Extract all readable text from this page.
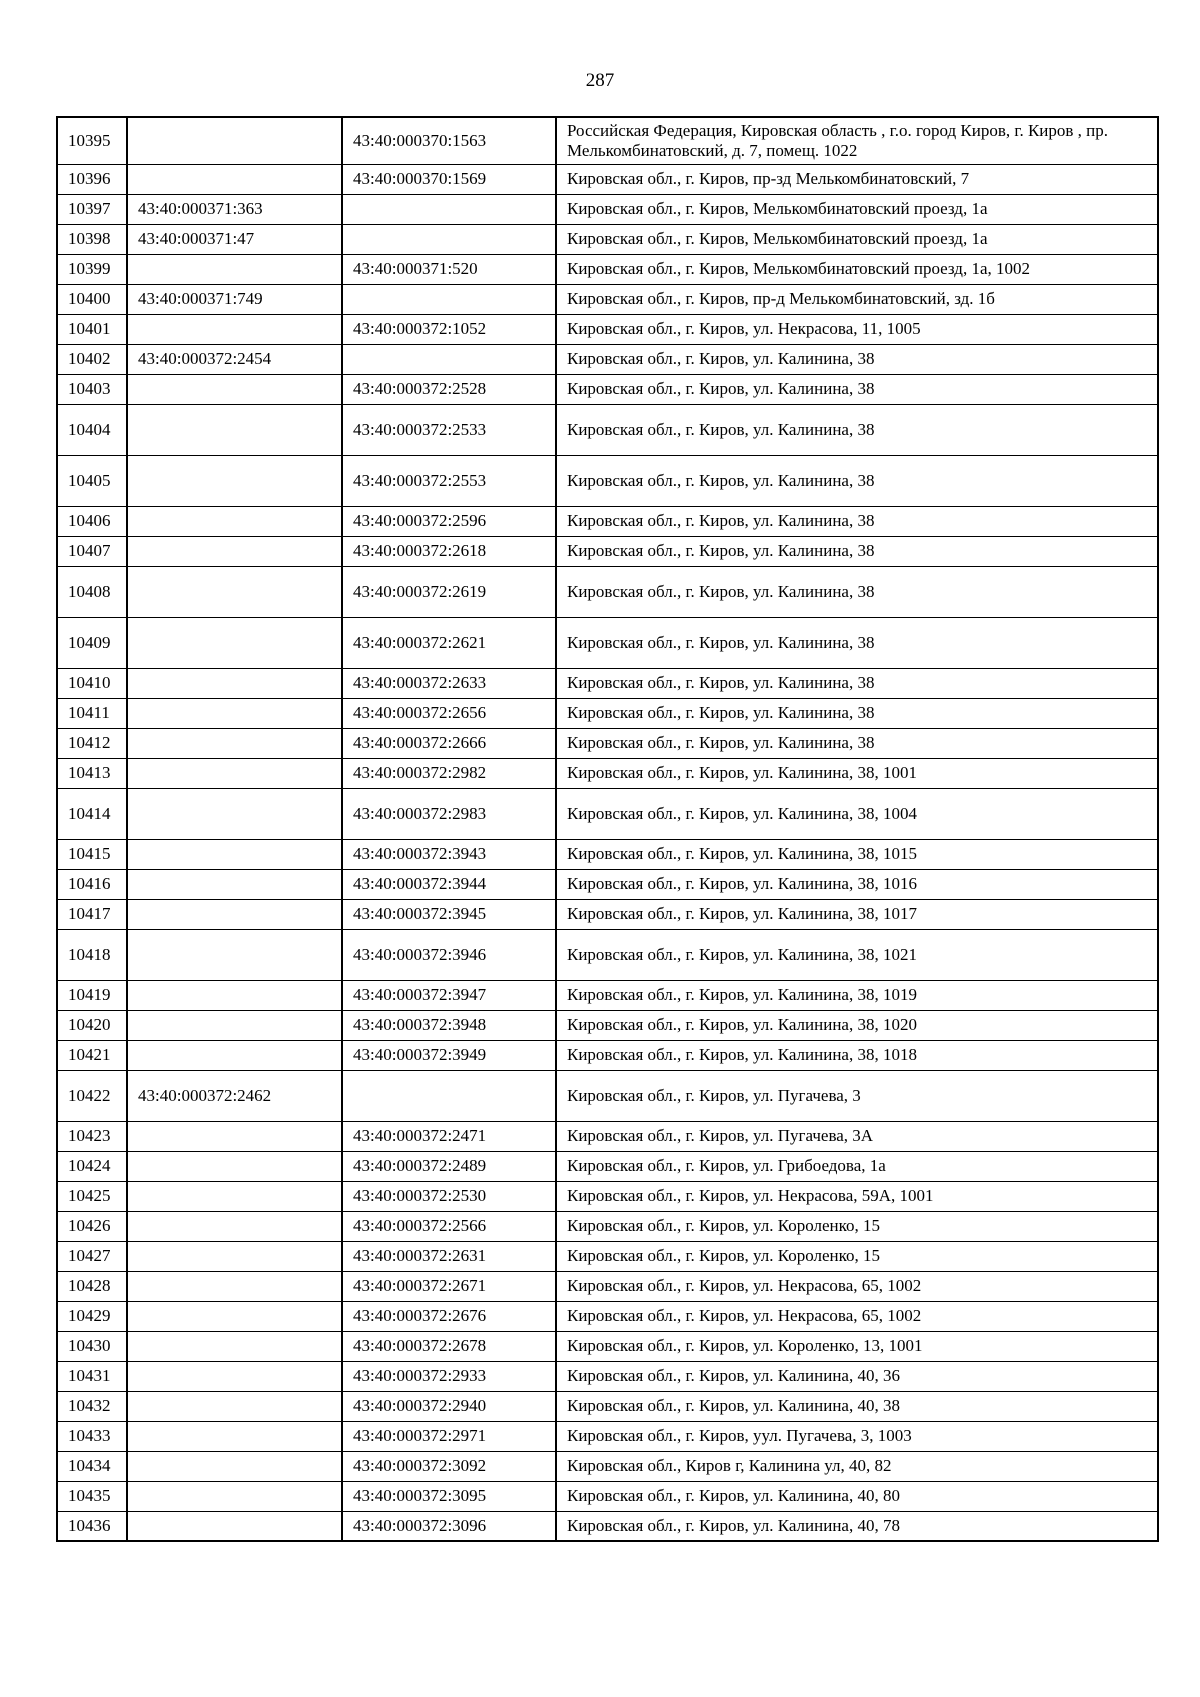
287
10395		43:40:000370:1563	Российская Федерация, Кировская область , г.о. город Киров, г. Киров , пр. Мелькомбинатовский, д. 7, помещ. 1022
10396		43:40:000370:1569	Кировская обл., г. Киров, пр-зд Мелькомбинатовский, 7
10397	43:40:000371:363		Кировская обл., г. Киров, Мелькомбинатовский проезд, 1а
10398	43:40:000371:47		Кировская обл., г. Киров, Мелькомбинатовский проезд, 1а
10399		43:40:000371:520	Кировская обл., г. Киров, Мелькомбинатовский проезд, 1а, 1002
10400	43:40:000371:749		Кировская обл., г. Киров, пр-д Мелькомбинатовский, зд. 1б
10401		43:40:000372:1052	Кировская обл., г. Киров, ул. Некрасова, 11, 1005
10402	43:40:000372:2454		Кировская обл., г. Киров, ул. Калинина, 38
10403		43:40:000372:2528	Кировская обл., г. Киров, ул. Калинина, 38
10404		43:40:000372:2533	Кировская обл., г. Киров, ул. Калинина, 38
10405		43:40:000372:2553	Кировская обл., г. Киров, ул. Калинина, 38
10406		43:40:000372:2596	Кировская обл., г. Киров, ул. Калинина, 38
10407		43:40:000372:2618	Кировская обл., г. Киров, ул. Калинина, 38
10408		43:40:000372:2619	Кировская обл., г. Киров, ул. Калинина, 38
10409		43:40:000372:2621	Кировская обл., г. Киров, ул. Калинина, 38
10410		43:40:000372:2633	Кировская обл., г. Киров, ул. Калинина, 38
10411		43:40:000372:2656	Кировская обл., г. Киров, ул. Калинина, 38
10412		43:40:000372:2666	Кировская обл., г. Киров, ул. Калинина, 38
10413		43:40:000372:2982	Кировская обл., г. Киров, ул. Калинина, 38, 1001
10414		43:40:000372:2983	Кировская обл., г. Киров, ул. Калинина, 38, 1004
10415		43:40:000372:3943	Кировская обл., г. Киров, ул. Калинина, 38, 1015
10416		43:40:000372:3944	Кировская обл., г. Киров, ул. Калинина, 38, 1016
10417		43:40:000372:3945	Кировская обл., г. Киров, ул. Калинина, 38, 1017
10418		43:40:000372:3946	Кировская обл., г. Киров, ул. Калинина, 38, 1021
10419		43:40:000372:3947	Кировская обл., г. Киров, ул. Калинина, 38, 1019
10420		43:40:000372:3948	Кировская обл., г. Киров, ул. Калинина, 38, 1020
10421		43:40:000372:3949	Кировская обл., г. Киров, ул. Калинина, 38, 1018
10422	43:40:000372:2462		Кировская обл., г. Киров, ул. Пугачева, 3
10423		43:40:000372:2471	Кировская обл., г. Киров, ул. Пугачева, 3А
10424		43:40:000372:2489	Кировская обл., г. Киров, ул. Грибоедова, 1а
10425		43:40:000372:2530	Кировская обл., г. Киров, ул. Некрасова, 59А, 1001
10426		43:40:000372:2566	Кировская обл., г. Киров, ул. Короленко, 15
10427		43:40:000372:2631	Кировская обл., г. Киров, ул. Короленко, 15
10428		43:40:000372:2671	Кировская обл., г. Киров, ул. Некрасова, 65, 1002
10429		43:40:000372:2676	Кировская обл., г. Киров, ул. Некрасова, 65, 1002
10430		43:40:000372:2678	Кировская обл., г. Киров, ул. Короленко, 13, 1001
10431		43:40:000372:2933	Кировская обл., г. Киров, ул. Калинина, 40, 36
10432		43:40:000372:2940	Кировская обл., г. Киров, ул. Калинина, 40, 38
10433		43:40:000372:2971	Кировская обл., г. Киров, уул. Пугачева, 3, 1003
10434		43:40:000372:3092	Кировская обл., Киров г, Калинина ул, 40, 82
10435		43:40:000372:3095	Кировская обл., г. Киров, ул. Калинина, 40, 80
10436		43:40:000372:3096	Кировская обл., г. Киров, ул. Калинина, 40, 78
